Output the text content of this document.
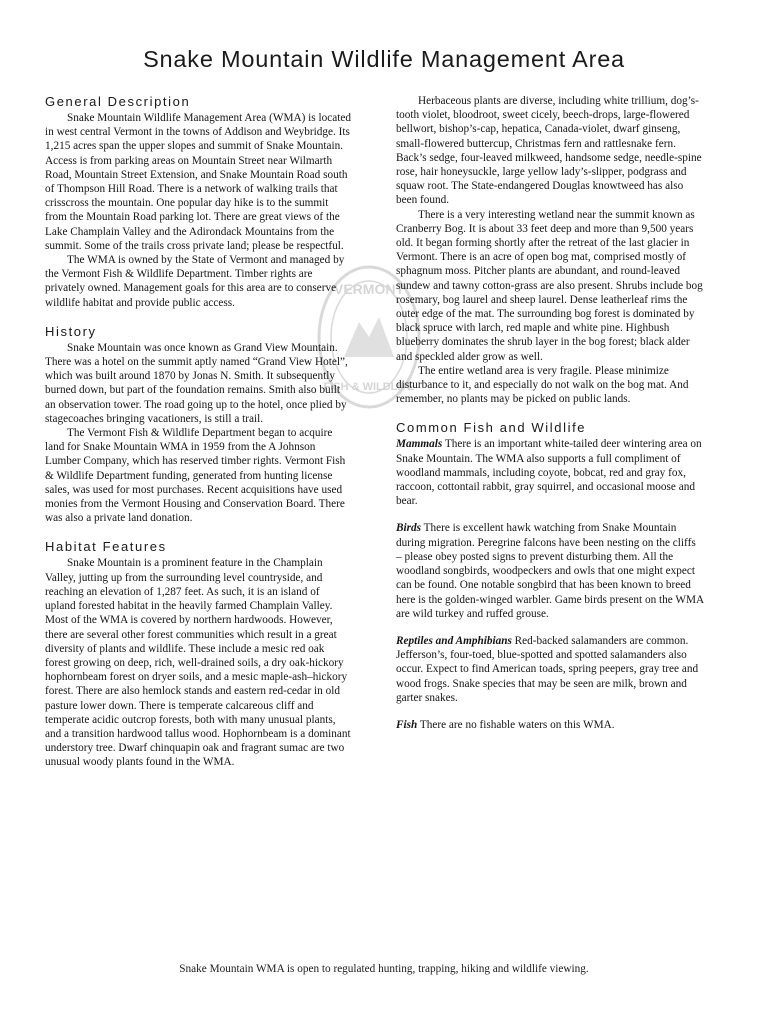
Snake Mountain Wildlife Management Area
VERMONT
FISH & WILDLIFE
General Description

Snake Mountain Wildlife Management Area (WMA) is located in west central Vermont in the towns of Addison and Weybridge. Its 1,215 acres span the upper slopes and summit of Snake Mountain. Access is from parking areas on Mountain Street near Wilmarth Road, Mountain Street Extension, and Snake Mountain Road south of Thompson Hill Road. There is a network of walking trails that crisscross the mountain. One popular day hike is to the summit from the Mountain Road parking lot. There are great views of the Lake Champlain Valley and the Adirondack Mountains from the summit. Some of the trails cross private land; please be respectful.

The WMA is owned by the State of Vermont and managed by the Vermont Fish & Wildlife Department. Timber rights are privately owned. Management goals for this area are to conserve wildlife habitat and provide public access.

History

Snake Mountain was once known as Grand View Mountain. There was a hotel on the summit aptly named “Grand View Hotel”, which was built around 1870 by Jonas N. Smith. It subsequently burned down, but part of the foundation remains. Smith also built an observation tower. The road going up to the hotel, once plied by stagecoaches bringing vacationers, is still a trail.

The Vermont Fish & Wildlife Department began to acquire land for Snake Mountain WMA in 1959 from the A Johnson Lumber Company, which has reserved timber rights. Vermont Fish & Wildlife Department funding, generated from hunting license sales, was used for most purchases. Recent acquisitions have used monies from the Vermont Housing and Conservation Board. There was also a private land donation.

Habitat Features

Snake Mountain is a prominent feature in the Champlain Valley, jutting up from the surrounding level countryside, and reaching an elevation of 1,287 feet. As such, it is an island of upland forested habitat in the heavily farmed Champlain Valley. Most of the WMA is covered by northern hardwoods. However, there are several other forest communities which result in a great diversity of plants and wildlife. These include a mesic red oak forest growing on deep, rich, well-drained soils, a dry oak-hickory hophornbeam forest on dryer soils, and a mesic maple-ash–hickory forest. There are also hemlock stands and eastern red-cedar in old pasture lower down. There is temperate calcareous cliff and temperate acidic outcrop forests, both with many unusual plants, and a transition hardwood tallus wood. Hophornbeam is a dominant understory tree. Dwarf chinquapin oak and fragrant sumac are two unusual woody plants found in the WMA.

Herbaceous plants are diverse, including white trillium, dog’s-tooth violet, bloodroot, sweet cicely, beech-drops, large-flowered bellwort, bishop’s-cap, hepatica, Canada-violet, dwarf ginseng, small-flowered buttercup, Christmas fern and rattlesnake fern. Back’s sedge, four-leaved milkweed, handsome sedge, needle-spine rose, hair honeysuckle, large yellow lady’s-slipper, podgrass and squaw root. The State-endangered Douglas knowtweed has also been found.

There is a very interesting wetland near the summit known as Cranberry Bog. It is about 33 feet deep and more than 9,500 years old. It began forming shortly after the retreat of the last glacier in Vermont. There is an acre of open bog mat, comprised mostly of sphagnum moss. Pitcher plants are abundant, and round-leaved sundew and tawny cotton-grass are also present. Shrubs include bog rosemary, bog laurel and sheep laurel. Dense leatherleaf rims the outer edge of the mat. The surrounding bog forest is dominated by black spruce with larch, red maple and white pine. Highbush blueberry dominates the shrub layer in the bog forest; black alder and speckled alder grow as well.

The entire wetland area is very fragile. Please minimize disturbance to it, and especially do not walk on the bog mat. And remember, no plants may be picked on public lands.

Common Fish and Wildlife

Mammals There is an important white-tailed deer wintering area on Snake Mountain. The WMA also supports a full compliment of woodland mammals, including coyote, bobcat, red and gray fox, raccoon, cottontail rabbit, gray squirrel, and occasional moose and bear.

Birds There is excellent hawk watching from Snake Mountain during migration. Peregrine falcons have been nesting on the cliffs – please obey posted signs to prevent disturbing them. All the woodland songbirds, woodpeckers and owls that one might expect can be found. One notable songbird that has been known to breed here is the golden-winged warbler. Game birds present on the WMA are wild turkey and ruffed grouse.

Reptiles and Amphibians Red-backed salamanders are common. Jefferson’s, four-toed, blue-spotted and spotted salamanders also occur. Expect to find American toads, spring peepers, gray tree and wood frogs. Snake species that may be seen are milk, brown and garter snakes.

Fish There are no fishable waters on this WMA.

Snake Mountain WMA is open to regulated hunting, trapping, hiking and wildlife viewing.
